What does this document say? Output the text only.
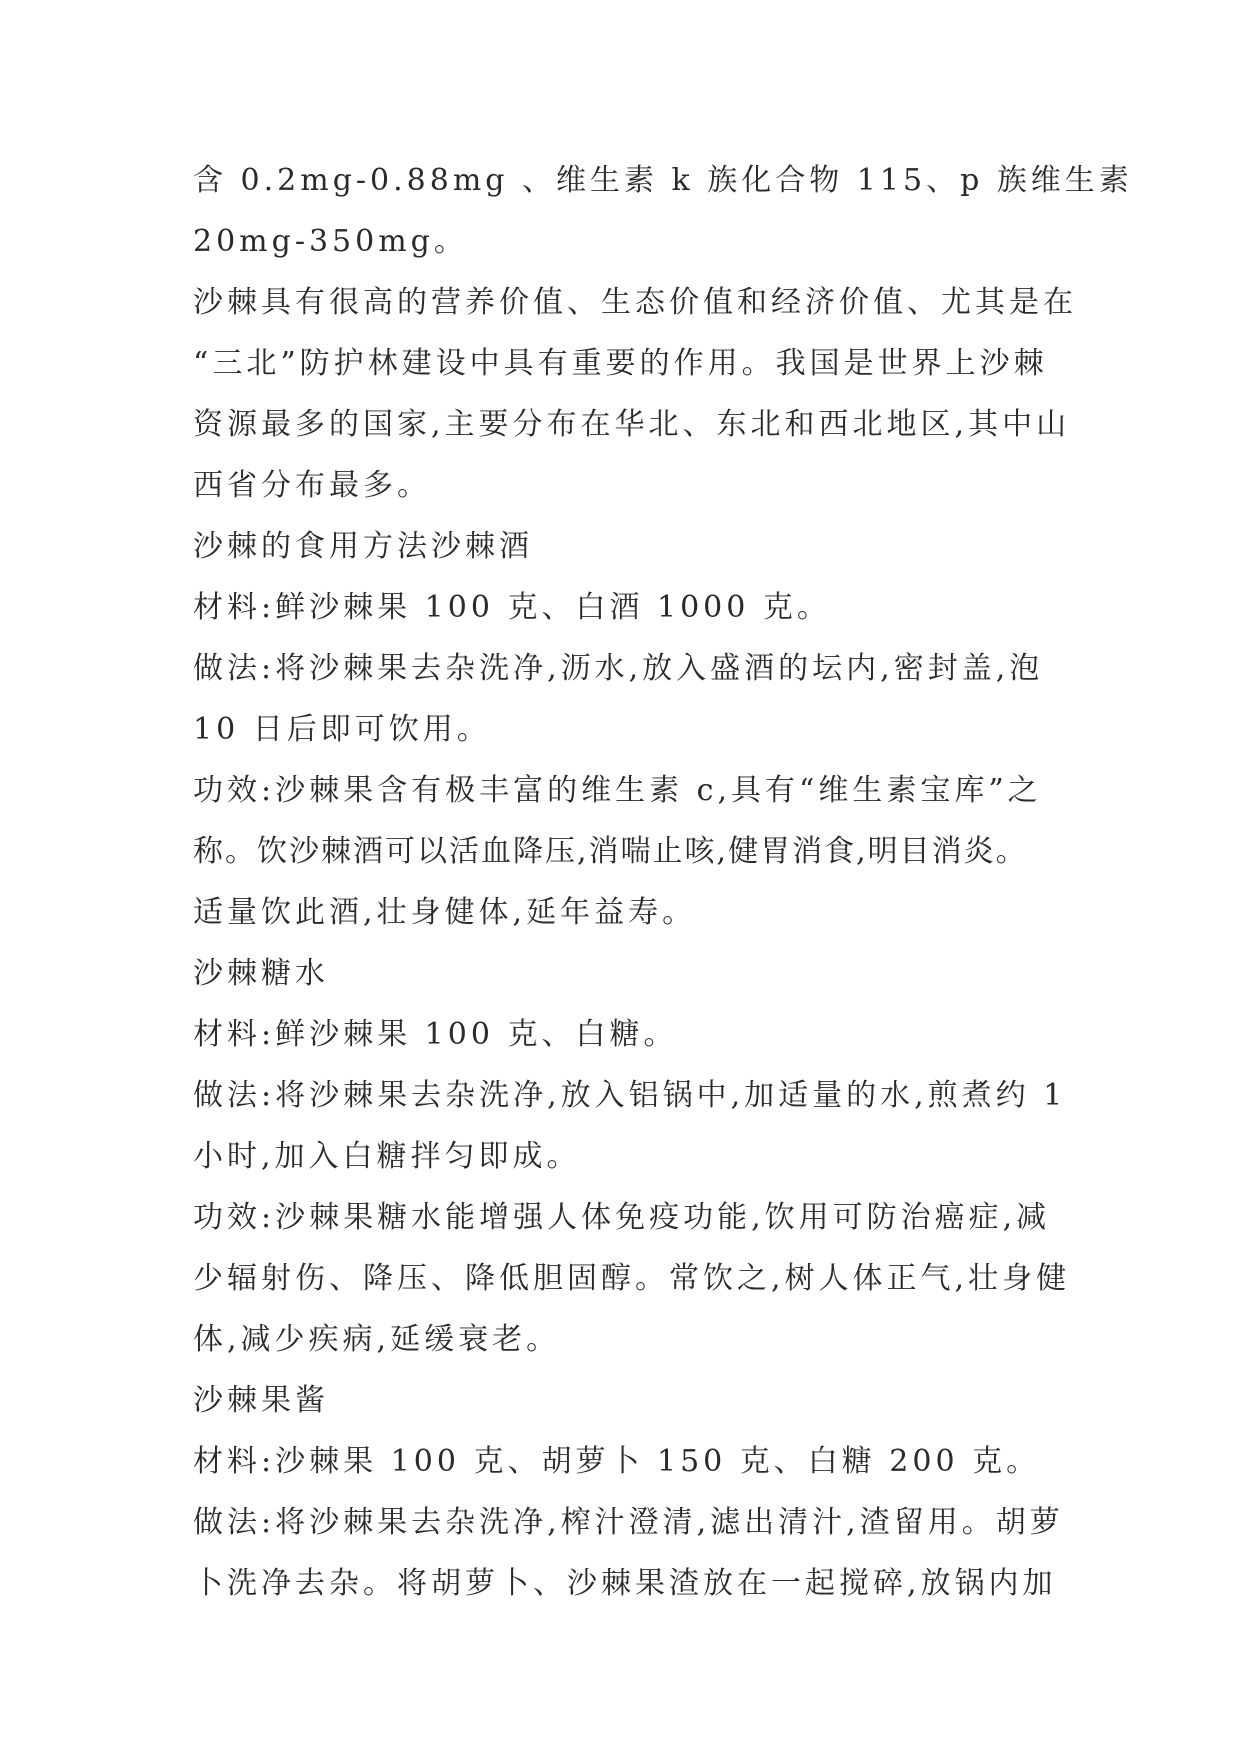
含 0.2mg-0.88mg 、维生素 k 族化合物 115、p 族维生素
20mg-350mg。
沙棘具有很高的营养价值、生态价值和经济价值、尤其是在
“三北”防护林建设中具有重要的作用。我国是世界上沙棘
资源最多的国家,主要分布在华北、东北和西北地区,其中山
西省分布最多。
沙棘的食用方法沙棘酒
材料:鲜沙棘果 100 克、白酒 1000 克。
做法:将沙棘果去杂洗净,沥水,放入盛酒的坛内,密封盖,泡
10 日后即可饮用。
功效:沙棘果含有极丰富的维生素 c,具有“维生素宝库”之
称。饮沙棘酒可以活血降压,消喘止咳,健胃消食,明目消炎。
适量饮此酒,壮身健体,延年益寿。
沙棘糖水
材料:鲜沙棘果 100 克、白糖。
做法:将沙棘果去杂洗净,放入铝锅中,加适量的水,煎煮约 1
小时,加入白糖拌匀即成。
功效:沙棘果糖水能增强人体免疫功能,饮用可防治癌症,减
少辐射伤、降压、降低胆固醇。常饮之,树人体正气,壮身健
体,减少疾病,延缓衰老。
沙棘果酱
材料:沙棘果 100 克、胡萝卜 150 克、白糖 200 克。
做法:将沙棘果去杂洗净,榨汁澄清,滤出清汁,渣留用。胡萝
卜洗净去杂。将胡萝卜、沙棘果渣放在一起搅碎,放锅内加
